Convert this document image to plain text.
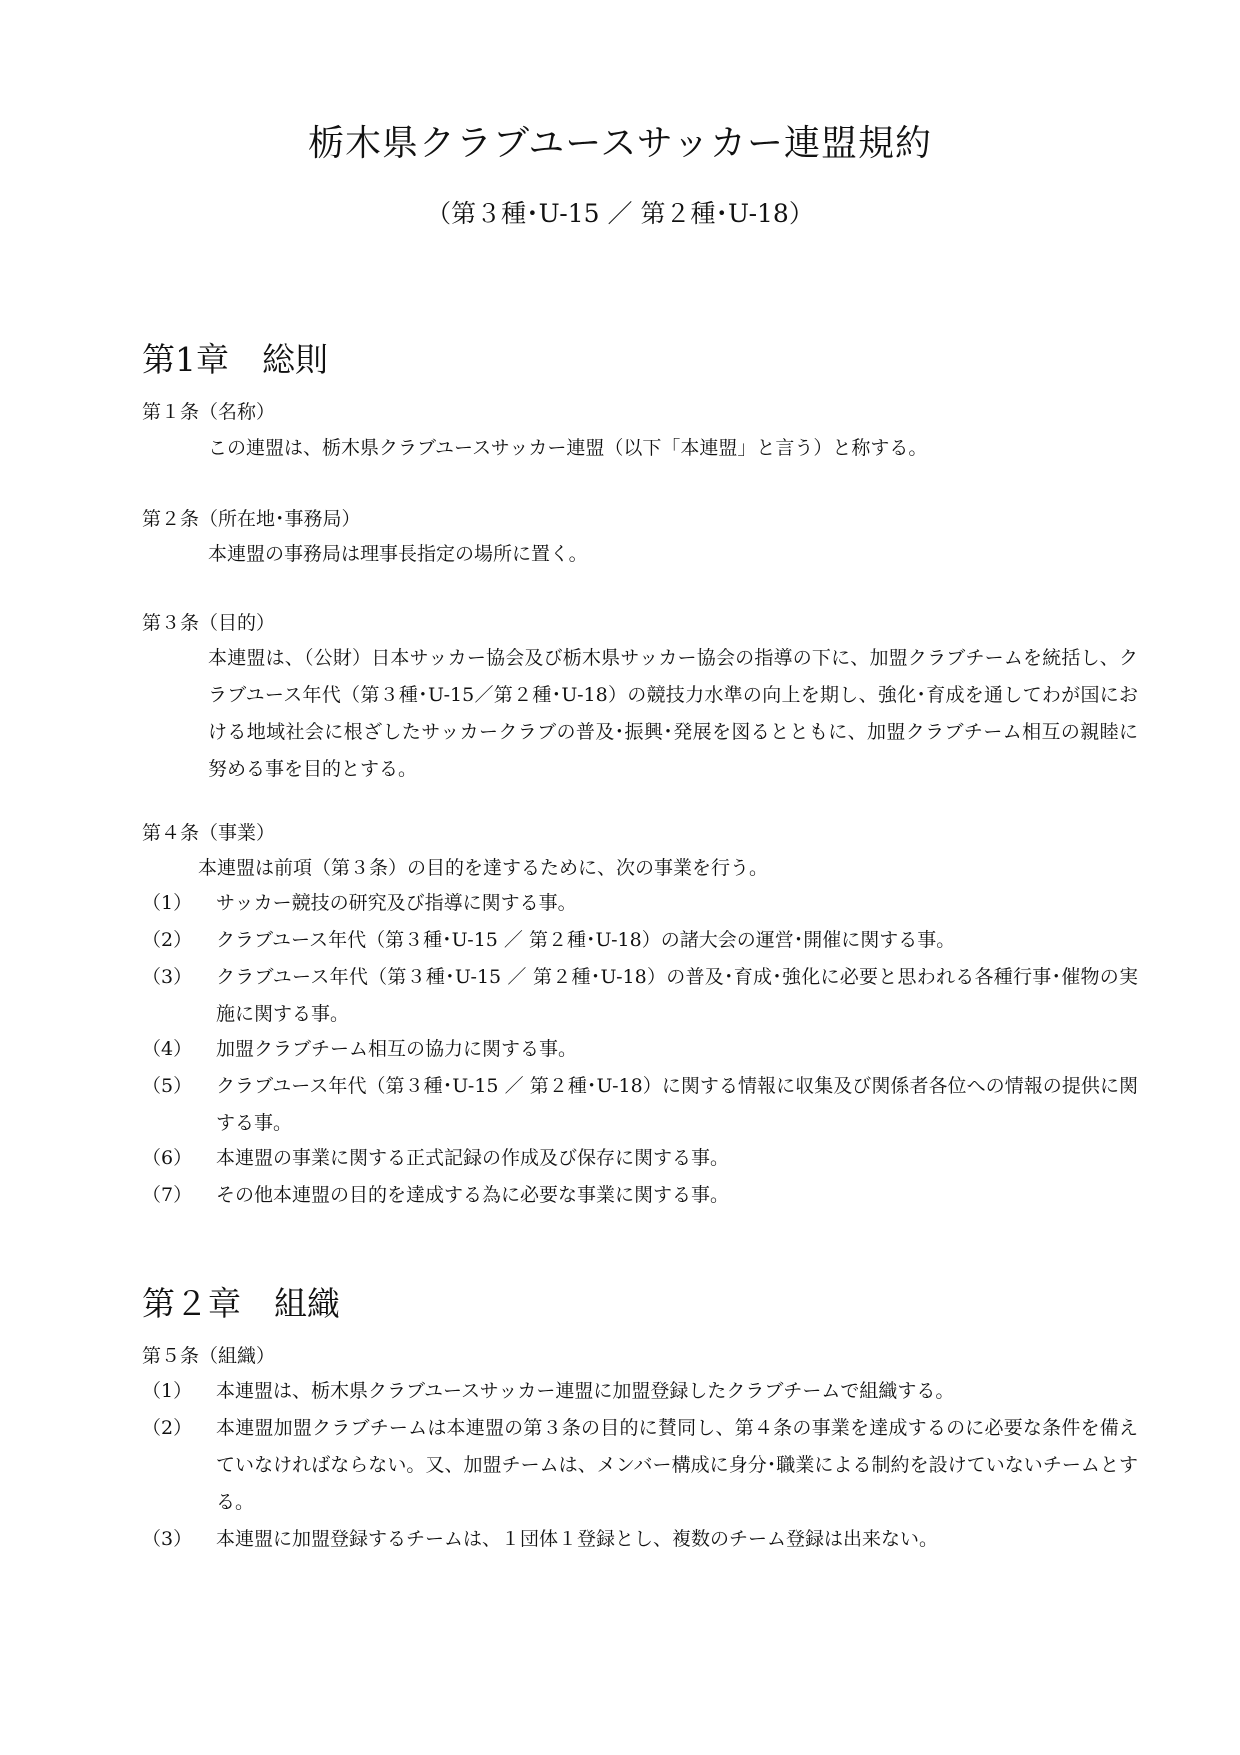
栃木県クラブユースサッカー連盟規約
（第３種･U-15 ／ 第２種･U-18）
第1章　総則
第１条（名称）
この連盟は、栃木県クラブユースサッカー連盟（以下「本連盟」と言う）と称する。
第２条（所在地･事務局）
本連盟の事務局は理事長指定の場所に置く。
第３条（目的）
本連盟は、（公財）日本サッカー協会及び栃木県サッカー協会の指導の下に、加盟クラブチームを統括し、クラブユース年代（第３種･U-15／第２種･U-18）の競技力水準の向上を期し、強化･育成を通してわが国における地域社会に根ざしたサッカークラブの普及･振興･発展を図るとともに、加盟クラブチーム相互の親睦に努める事を目的とする。
第４条（事業）
本連盟は前項（第３条）の目的を達するために、次の事業を行う。
（1） サッカー競技の研究及び指導に関する事。
（2） クラブユース年代（第３種･U-15 ／ 第２種･U-18）の諸大会の運営･開催に関する事。
（3） クラブユース年代（第３種･U-15 ／ 第２種･U-18）の普及･育成･強化に必要と思われる各種行事･催物の実施に関する事。
（4） 加盟クラブチーム相互の協力に関する事。
（5） クラブユース年代（第３種･U-15 ／ 第２種･U-18）に関する情報に収集及び関係者各位への情報の提供に関する事。
（6） 本連盟の事業に関する正式記録の作成及び保存に関する事。
（7） その他本連盟の目的を達成する為に必要な事業に関する事。
第２章　組織
第５条（組織）
（1） 本連盟は、栃木県クラブユースサッカー連盟に加盟登録したクラブチームで組織する。
（2） 本連盟加盟クラブチームは本連盟の第３条の目的に賛同し、第４条の事業を達成するのに必要な条件を備えていなければならない。又、加盟チームは、メンバー構成に身分･職業による制約を設けていないチームとする。
（3） 本連盟に加盟登録するチームは、１団体１登録とし、複数のチーム登録は出来ない。
